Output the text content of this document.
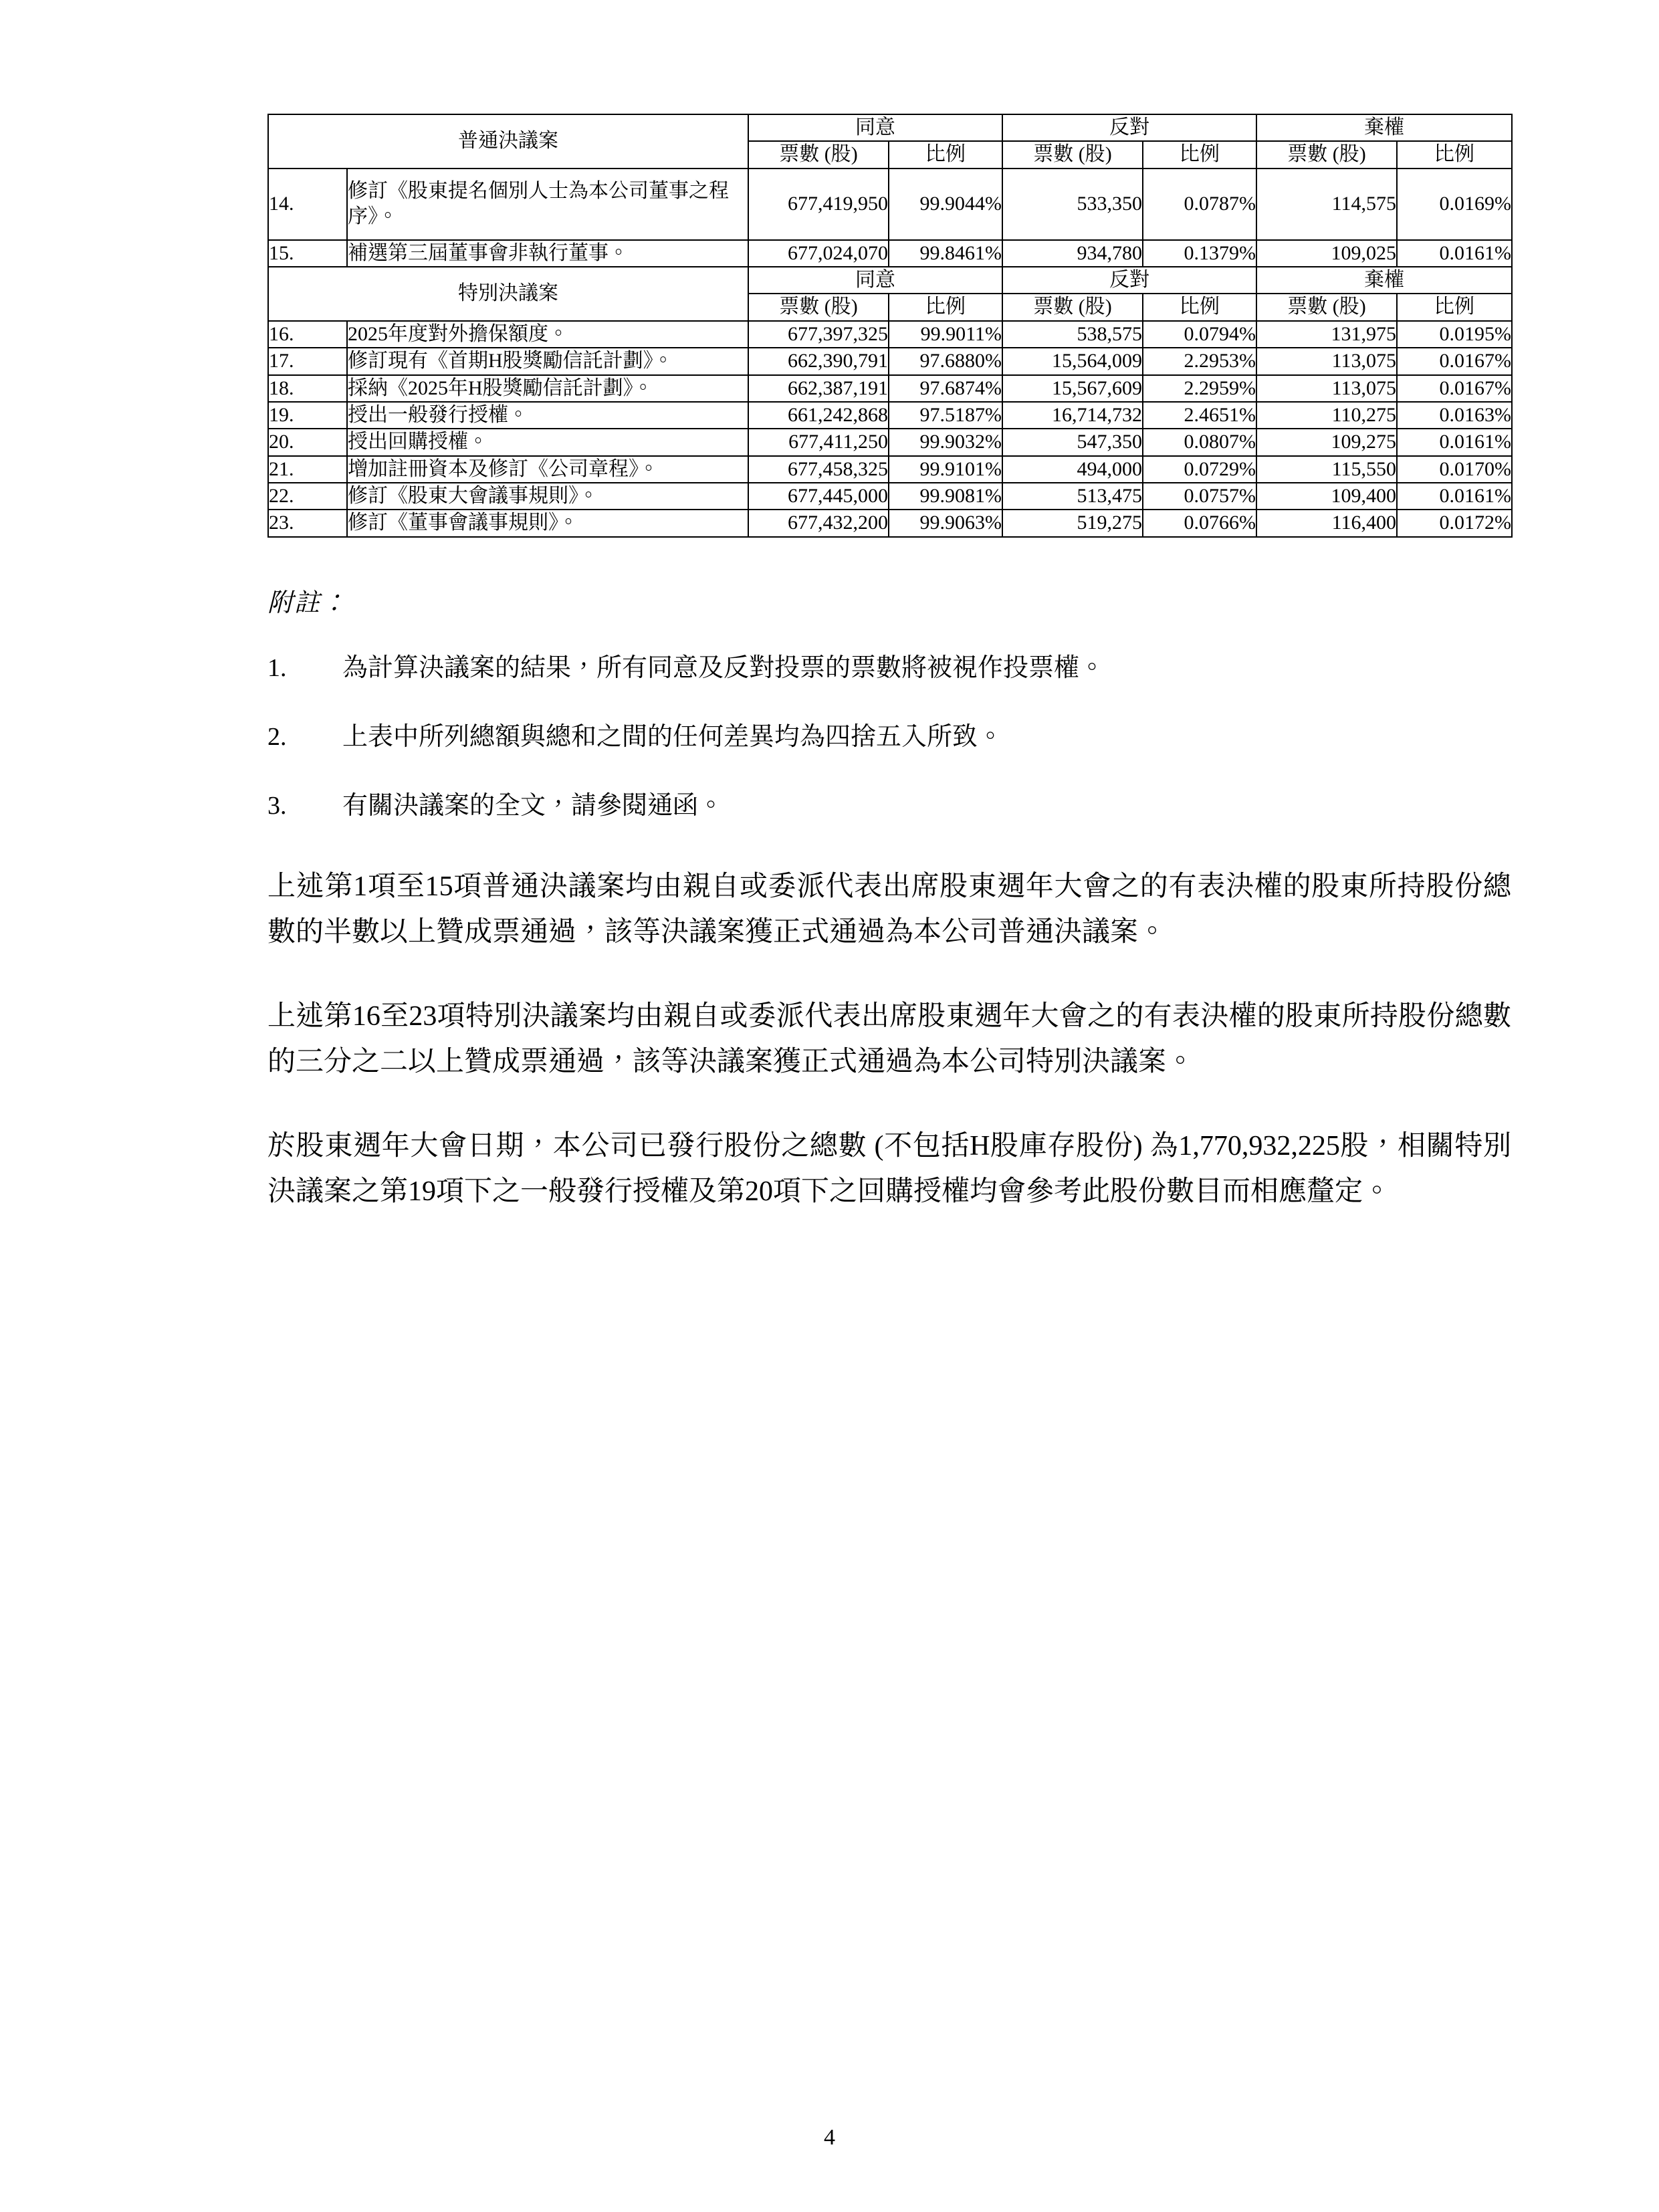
普通決議案		同意		反對		棄權	
		票數 (股)	比例	票數 (股)	比例	票數 (股)	比例
14.	修訂《股東提名個別人士為本公司董事之程序》。	677,419,950	99.9044%	533,350	0.0787%	114,575	0.0169%
15.	補選第三屆董事會非執行董事。	677,024,070	99.8461%	934,780	0.1379%	109,025	0.0161%
特別決議案		同意		反對		棄權	
		票數 (股)	比例	票數 (股)	比例	票數 (股)	比例
16.	2025年度對外擔保額度。	677,397,325	99.9011%	538,575	0.0794%	131,975	0.0195%
17.	修訂現有《首期H股獎勵信託計劃》。	662,390,791	97.6880%	15,564,009	2.2953%	113,075	0.0167%
18.	採納《2025年H股獎勵信託計劃》。	662,387,191	97.6874%	15,567,609	2.2959%	113,075	0.0167%
19.	授出一般發行授權。	661,242,868	97.5187%	16,714,732	2.4651%	110,275	0.0163%
20.	授出回購授權。	677,411,250	99.9032%	547,350	0.0807%	109,275	0.0161%
21.	增加註冊資本及修訂《公司章程》。	677,458,325	99.9101%	494,000	0.0729%	115,550	0.0170%
22.	修訂《股東大會議事規則》。	677,445,000	99.9081%	513,475	0.0757%	109,400	0.0161%
23.	修訂《董事會議事規則》。	677,432,200	99.9063%	519,275	0.0766%	116,400	0.0172%
附註：
1.	為計算決議案的結果，所有同意及反對投票的票數將被視作投票權。
2.	上表中所列總額與總和之間的任何差異均為四捨五入所致。
3.	有關決議案的全文，請參閱通函。

上述第1項至15項普通決議案均由親自或委派代表出席股東週年大會之的有表決權的股東所持股份總數的半數以上贊成票通過，該等決議案獲正式通過為本公司普通決議案。

上述第16至23項特別決議案均由親自或委派代表出席股東週年大會之的有表決權的股東所持股份總數的三分之二以上贊成票通過，該等決議案獲正式通過為本公司特別決議案。

於股東週年大會日期，本公司已發行股份之總數 (不包括H股庫存股份) 為1,770,932,225股，相關特別決議案之第19項下之一般發行授權及第20項下之回購授權均會參考此股份數目而相應釐定。

4
